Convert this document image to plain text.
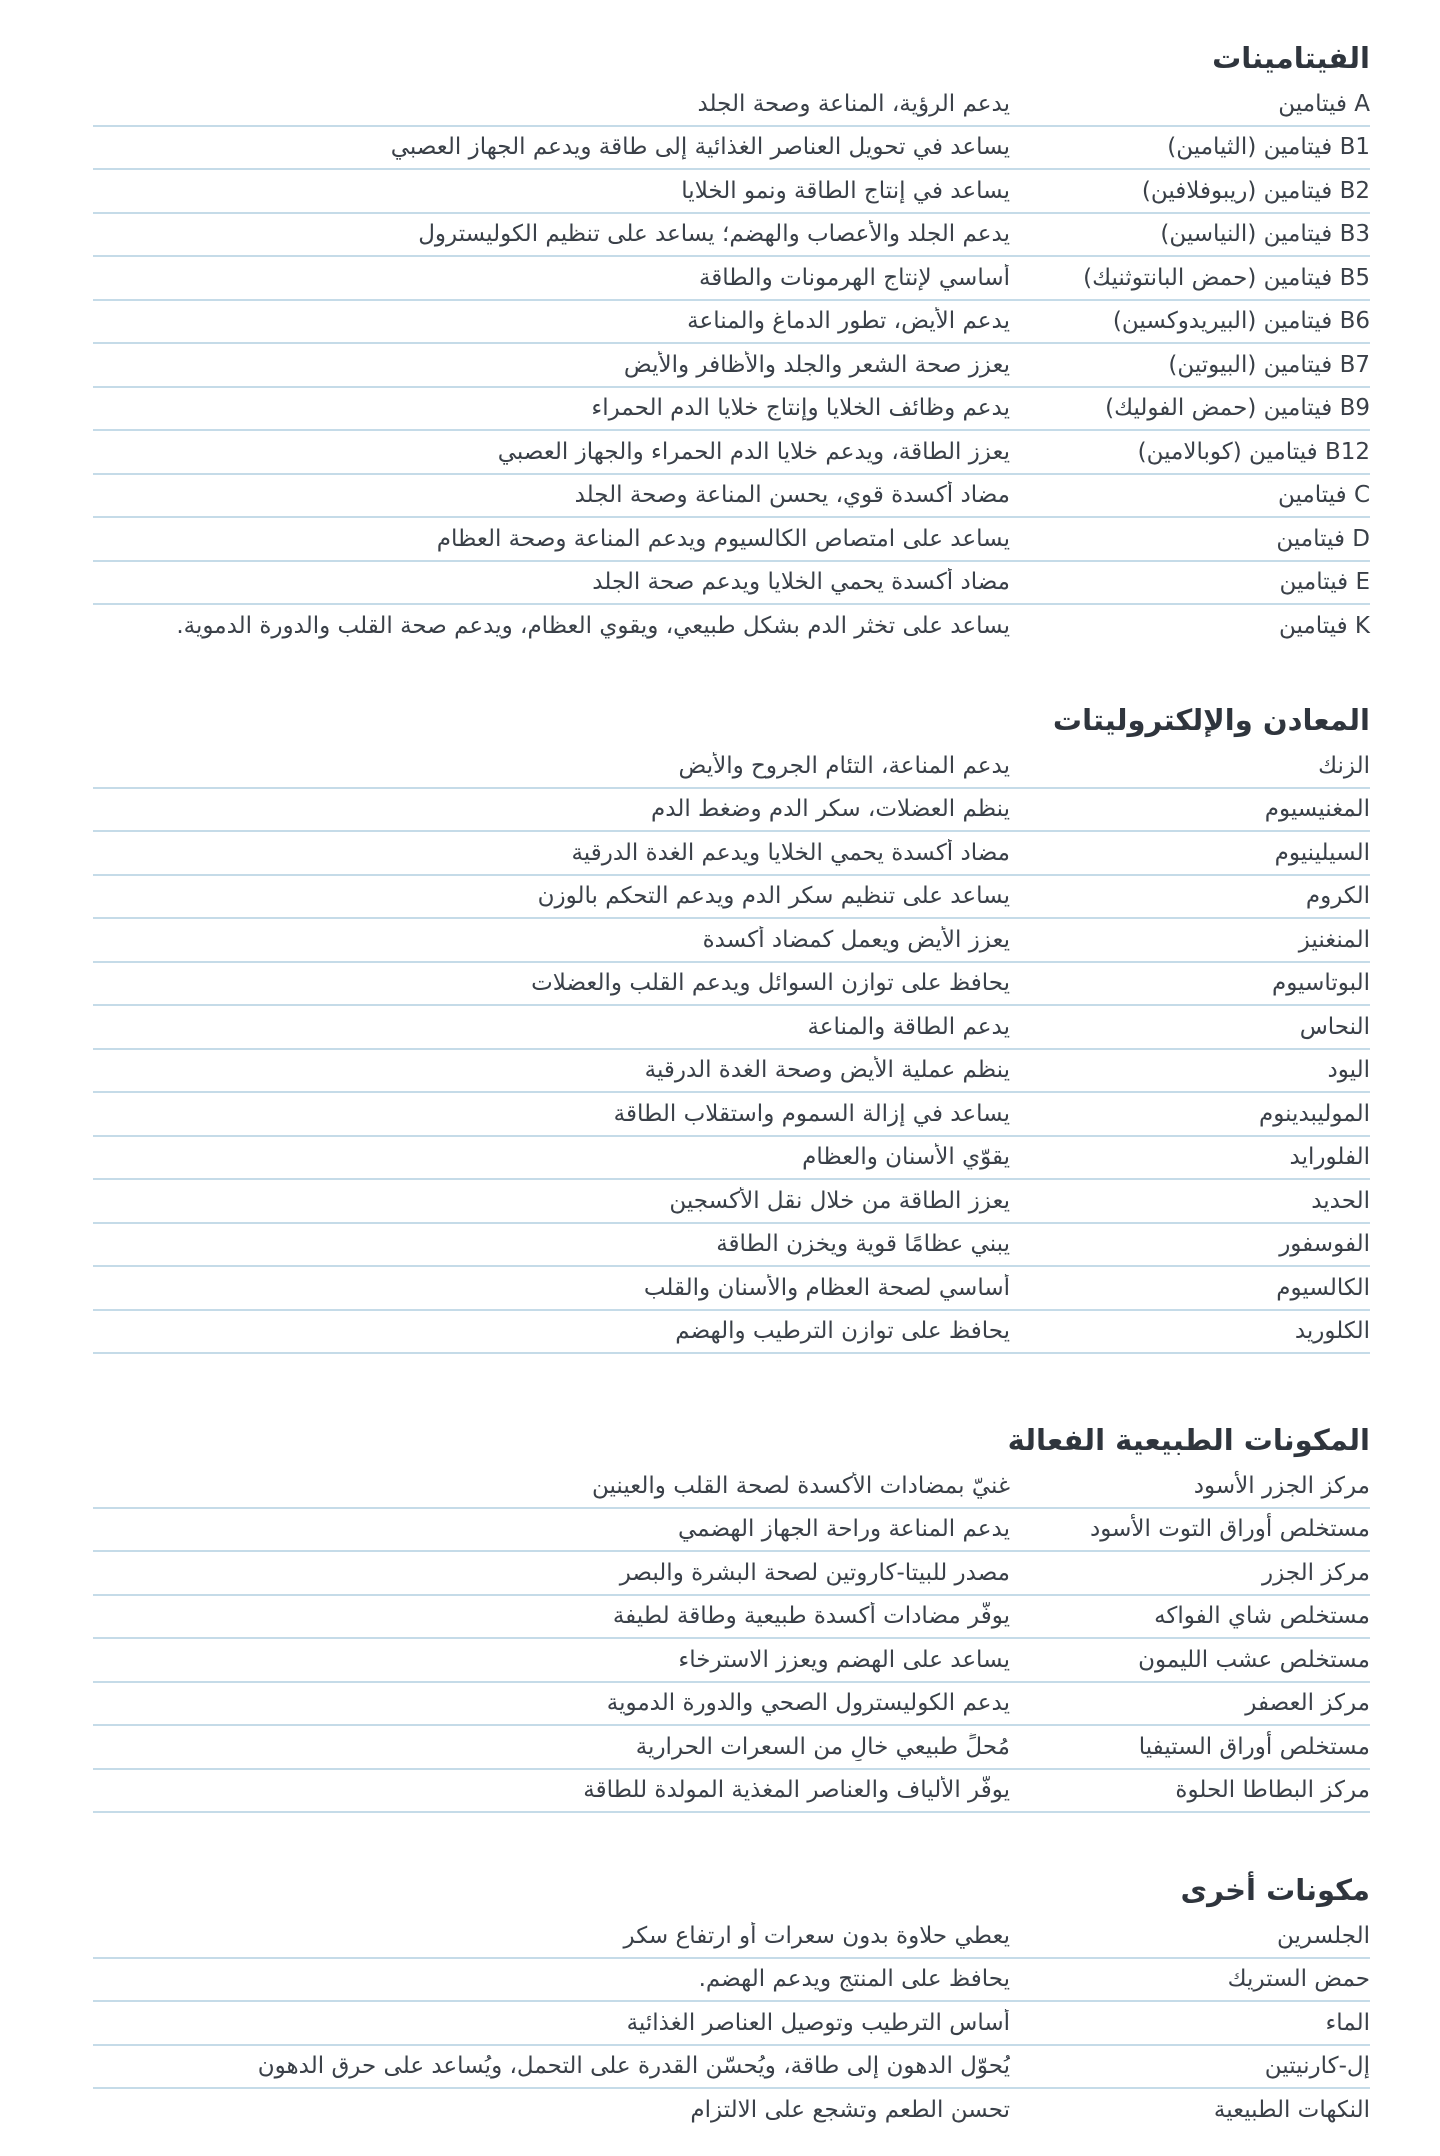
الفيتامينات
A فيتامين
يدعم الرؤية، المناعة وصحة الجلد
B1 فيتامين (الثيامين)
يساعد في تحويل العناصر الغذائية إلى طاقة ويدعم الجهاز العصبي
B2 فيتامين (ريبوفلافين)
يساعد في إنتاج الطاقة ونمو الخلايا
B3 فيتامين (النياسين)
يدعم الجلد والأعصاب والهضم؛ يساعد على تنظيم الكوليسترول
B5 فيتامين (حمض البانتوثنيك)
أساسي لإنتاج الهرمونات والطاقة
B6 فيتامين (البيريدوكسين)
يدعم الأيض، تطور الدماغ والمناعة
B7 فيتامين (البيوتين)
يعزز صحة الشعر والجلد والأظافر والأيض
B9 فيتامين (حمض الفوليك)
يدعم وظائف الخلايا وإنتاج خلايا الدم الحمراء
B12 فيتامين (كوبالامين)
يعزز الطاقة، ويدعم خلايا الدم الحمراء والجهاز العصبي
C فيتامين
مضاد أكسدة قوي، يحسن المناعة وصحة الجلد
D فيتامين
يساعد على امتصاص الكالسيوم ويدعم المناعة وصحة العظام
E فيتامين
مضاد أكسدة يحمي الخلايا ويدعم صحة الجلد
K فيتامين
يساعد على تخثر الدم بشكل طبيعي، ويقوي العظام، ويدعم صحة القلب والدورة الدموية.
المعادن والإلكتروليتات
الزنك
يدعم المناعة، التئام الجروح والأيض
المغنيسيوم
ينظم العضلات، سكر الدم وضغط الدم
السيلينيوم
مضاد أكسدة يحمي الخلايا ويدعم الغدة الدرقية
الكروم
يساعد على تنظيم سكر الدم ويدعم التحكم بالوزن
المنغنيز
يعزز الأيض ويعمل كمضاد أكسدة
البوتاسيوم
يحافظ على توازن السوائل ويدعم القلب والعضلات
النحاس
يدعم الطاقة والمناعة
اليود
ينظم عملية الأيض وصحة الغدة الدرقية
الموليبدينوم
يساعد في إزالة السموم واستقلاب الطاقة
الفلورايد
يقوّي الأسنان والعظام
الحديد
يعزز الطاقة من خلال نقل الأكسجين
الفوسفور
يبني عظامًا قوية ويخزن الطاقة
الكالسيوم
أساسي لصحة العظام والأسنان والقلب
الكلوريد
يحافظ على توازن الترطيب والهضم
المكونات الطبيعية الفعالة
مركز الجزر الأسود
غنيّ بمضادات الأكسدة لصحة القلب والعينين
مستخلص أوراق التوت الأسود
يدعم المناعة وراحة الجهاز الهضمي
مركز الجزر
مصدر للبيتا-كاروتين لصحة البشرة والبصر
مستخلص شاي الفواكه
يوفّر مضادات أكسدة طبيعية وطاقة لطيفة
مستخلص عشب الليمون
يساعد على الهضم ويعزز الاسترخاء
مركز العصفر
يدعم الكوليسترول الصحي والدورة الدموية
مستخلص أوراق الستيفيا
مُحلٍّ طبيعي خالٍ من السعرات الحرارية
مركز البطاطا الحلوة
يوفّر الألياف والعناصر المغذية المولدة للطاقة
مكونات أخرى
الجلسرين
يعطي حلاوة بدون سعرات أو ارتفاع سكر
حمض الستريك
يحافظ على المنتج ويدعم الهضم.
الماء
أساس الترطيب وتوصيل العناصر الغذائية
إل-كارنيتين
يُحوّل الدهون إلى طاقة، ويُحسّن القدرة على التحمل، ويُساعد على حرق الدهون
النكهات الطبيعية
تحسن الطعم وتشجع على الالتزام
